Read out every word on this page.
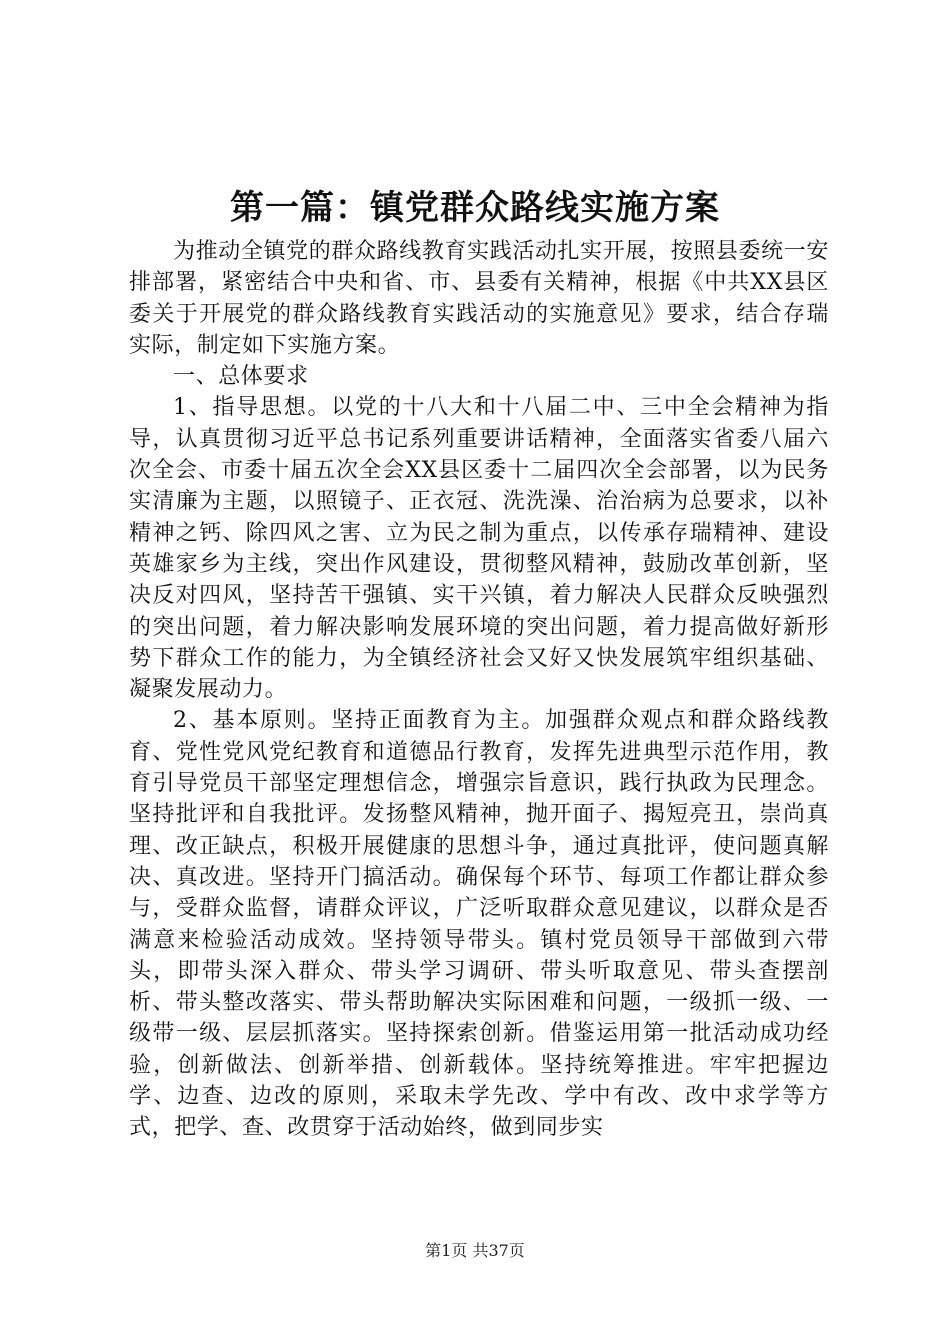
第一篇：镇党群众路线实施方案

为推动全镇党的群众路线教育实践活动扎实开展，按照县委统一安排部署，紧密结合中央和省、市、县委有关精神，根据《中共XX县区委关于开展党的群众路线教育实践活动的实施意见》要求，结合存瑞实际，制定如下实施方案。

一、总体要求

1、指导思想。以党的十八大和十八届二中、三中全会精神为指导，认真贯彻习近平总书记系列重要讲话精神，全面落实省委八届六次全会、市委十届五次全会XX县区委十二届四次全会部署，以为民务实清廉为主题，以照镜子、正衣冠、洗洗澡、治治病为总要求，以补精神之钙、除四风之害、立为民之制为重点，以传承存瑞精神、建设英雄家乡为主线，突出作风建设，贯彻整风精神，鼓励改革创新，坚决反对四风，坚持苦干强镇、实干兴镇，着力解决人民群众反映强烈的突出问题，着力解决影响发展环境的突出问题，着力提高做好新形势下群众工作的能力，为全镇经济社会又好又快发展筑牢组织基础、凝聚发展动力。

2、基本原则。坚持正面教育为主。加强群众观点和群众路线教育、党性党风党纪教育和道德品行教育，发挥先进典型示范作用，教育引导党员干部坚定理想信念，增强宗旨意识，践行执政为民理念。坚持批评和自我批评。发扬整风精神，抛开面子、揭短亮丑，崇尚真理、改正缺点，积极开展健康的思想斗争，通过真批评，使问题真解决、真改进。坚持开门搞活动。确保每个环节、每项工作都让群众参与，受群众监督，请群众评议，广泛听取群众意见建议，以群众是否满意来检验活动成效。坚持领导带头。镇村党员领导干部做到六带头，即带头深入群众、带头学习调研、带头听取意见、带头查摆剖析、带头整改落实、带头帮助解决实际困难和问题，一级抓一级、一级带一级、层层抓落实。坚持探索创新。借鉴运用第一批活动成功经验，创新做法、创新举措、创新载体。坚持统筹推进。牢牢把握边学、边查、边改的原则，采取未学先改、学中有改、改中求学等方式，把学、查、改贯穿于活动始终，做到同步实

第1页 共37页
